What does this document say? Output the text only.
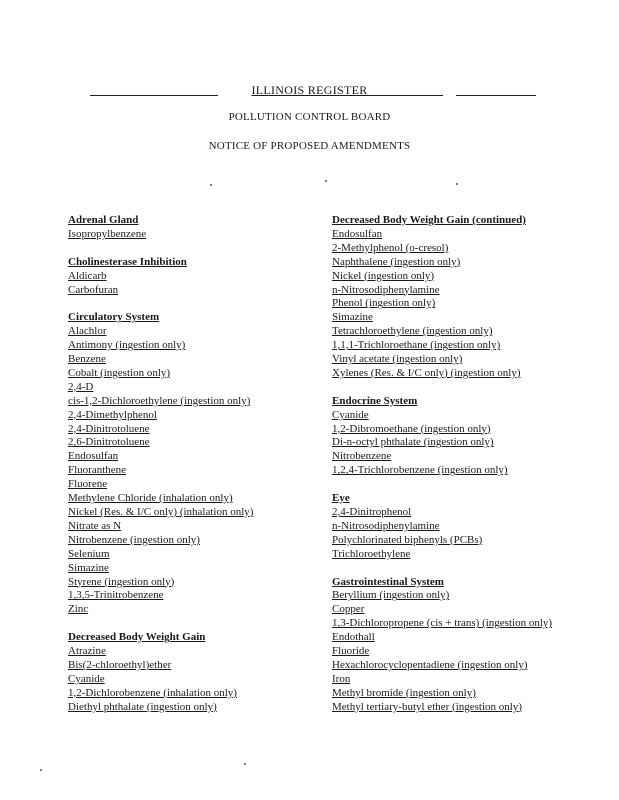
ILLINOIS REGISTER
POLLUTION CONTROL BOARD
NOTICE OF PROPOSED AMENDMENTS
Adrenal Gland
Isopropylbenzene
Cholinesterase Inhibition
Aldicarb
Carbofuran
Circulatory System
Alachlor
Antimony (ingestion only)
Benzene
Cobalt (ingestion only)
2,4-D
cis-1,2-Dichloroethylene (ingestion only)
2,4-Dimethylphenol
2,4-Dinitrotoluene
2,6-Dinitrotoluene
Endosulfan
Fluoranthene
Fluorene
Methylene Chloride (inhalation only)
Nickel (Res. & I/C only) (inhalation only)
Nitrate as N
Nitrobenzene (ingestion only)
Selenium
Simazine
Styrene (ingestion only)
1,3,5-Trinitrobenzene
Zinc
Decreased Body Weight Gain
Atrazine
Bis(2-chloroethyl)ether
Cyanide
1,2-Dichlorobenzene (inhalation only)
Diethyl phthalate (ingestion only)
Decreased Body Weight Gain (continued)
Endosulfan
2-Methylphenol (o-cresol)
Naphthalene (ingestion only)
Nickel (ingestion only)
n-Nitrosodiphenylamine
Phenol (ingestion only)
Simazine
Tetrachloroethylene (ingestion only)
1,1,1-Trichloroethane (ingestion only)
Vinyl acetate (ingestion only)
Xylenes (Res. & I/C only) (ingestion only)
Endocrine System
Cyanide
1,2-Dibromoethane (ingestion only)
Di-n-octyl phthalate (ingestion only)
Nitrobenzene
1,2,4-Trichlorobenzene (ingestion only)
Eye
2,4-Dinitrophenol
n-Nitrosodiphenylamine
Polychlorinated biphenyls (PCBs)
Trichloroethylene
Gastrointestinal System
Beryllium (ingestion only)
Copper
1,3-Dichloropropene (cis + trans) (ingestion only)
Endothall
Fluoride
Hexachlorocyclopentadiene (ingestion only)
Iron
Methyl bromide (ingestion only)
Methyl tertiary-butyl ether (ingestion only)
